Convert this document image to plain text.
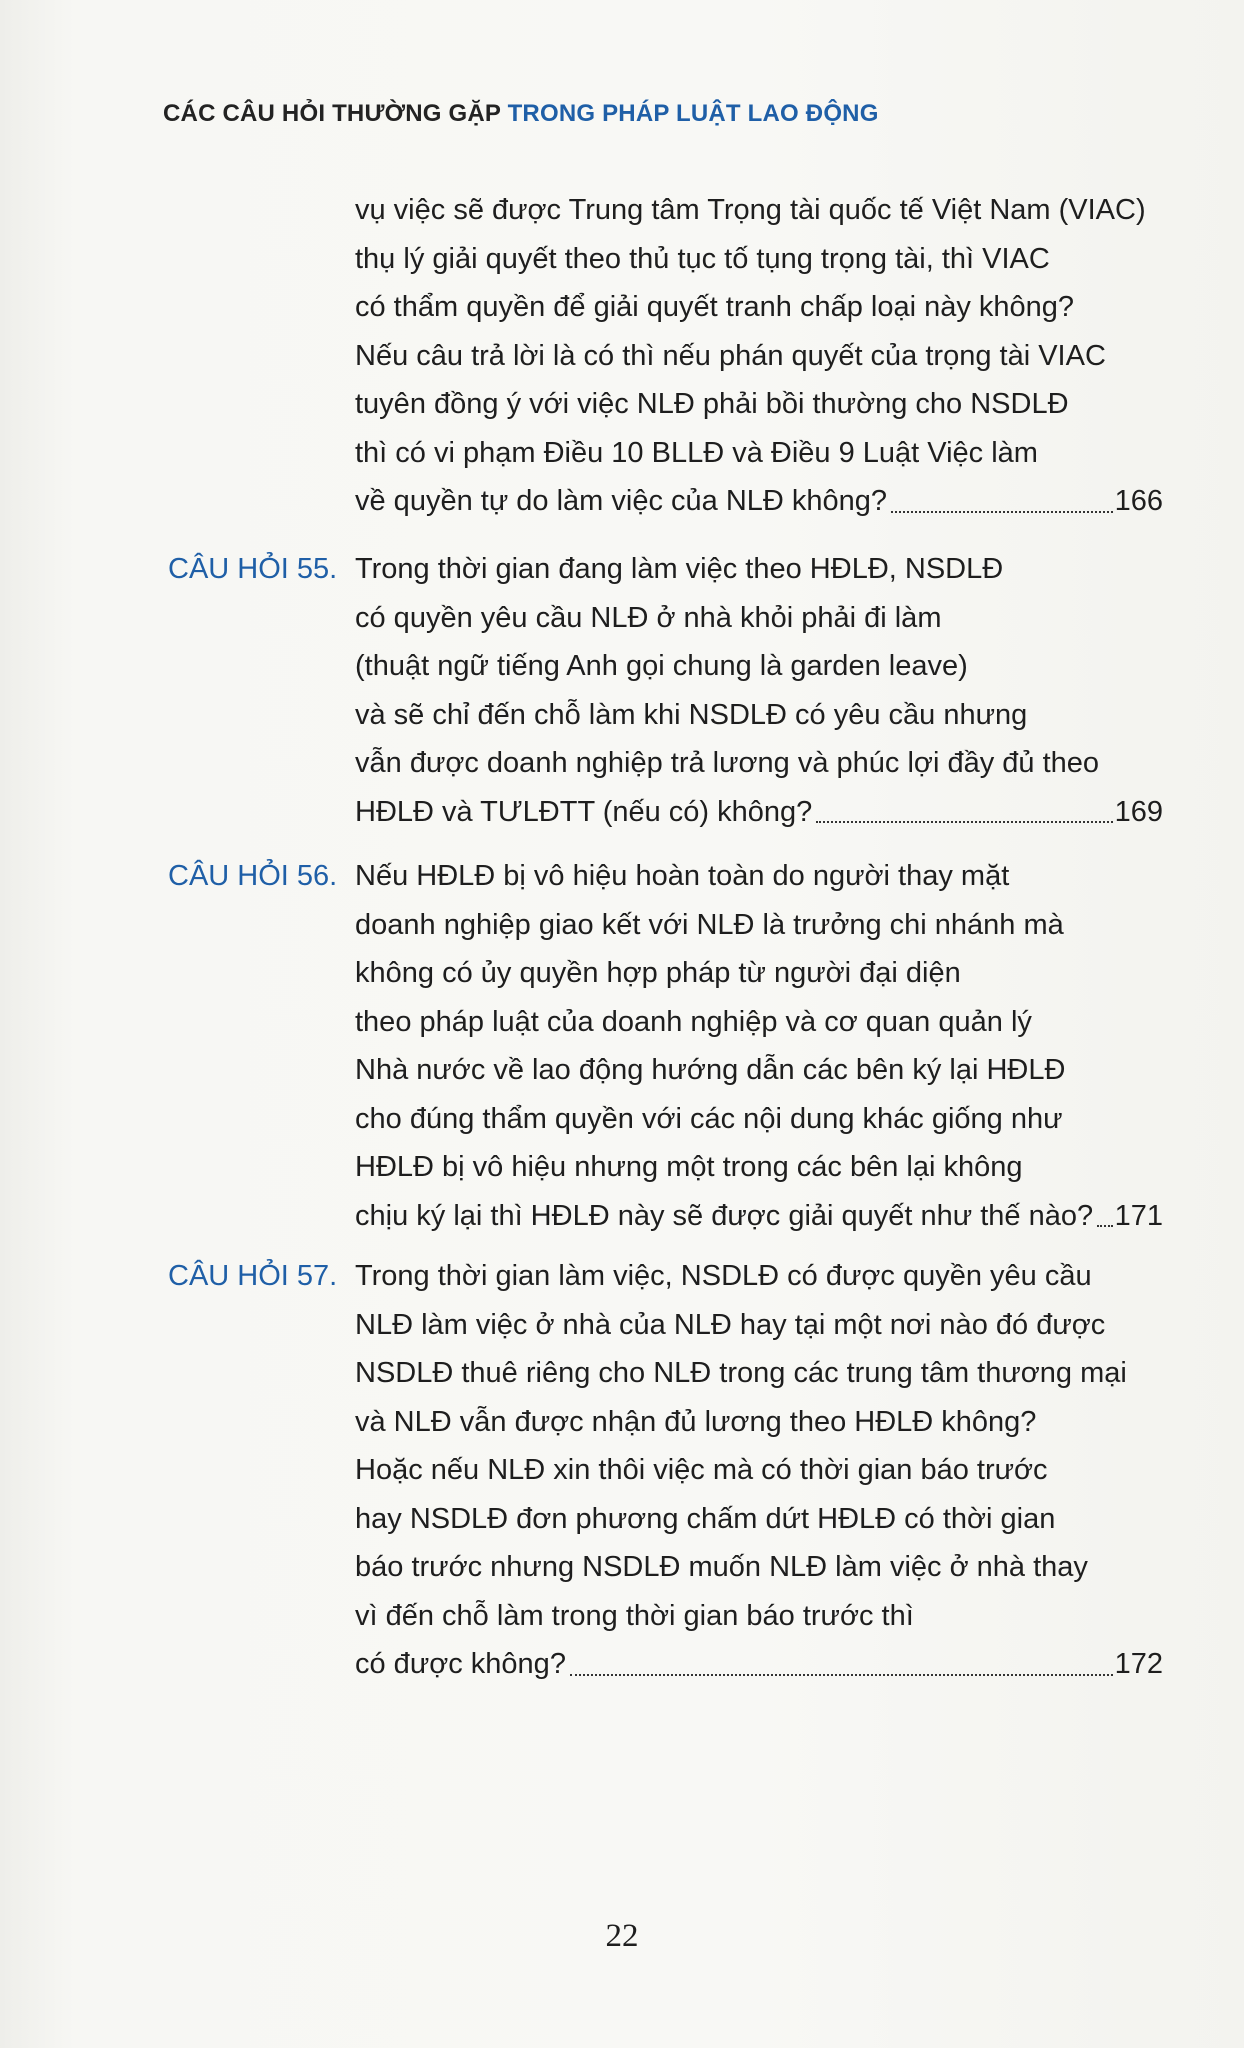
CÁC CÂU HỎI THƯỜNG GẶP TRONG PHÁP LUẬT LAO ĐỘNG
vụ việc sẽ được Trung tâm Trọng tài quốc tế Việt Nam (VIAC)
thụ lý giải quyết theo thủ tục tố tụng trọng tài, thì VIAC
có thẩm quyền để giải quyết tranh chấp loại này không?
Nếu câu trả lời là có thì nếu phán quyết của trọng tài VIAC
tuyên đồng ý với việc NLĐ phải bồi thường cho NSDLĐ
thì có vi phạm Điều 10 BLLĐ và Điều 9 Luật Việc làm
về quyền tự do làm việc của NLĐ không?	166
CÂU HỎI 55. Trong thời gian đang làm việc theo HĐLĐ, NSDLĐ
có quyền yêu cầu NLĐ ở nhà khỏi phải đi làm
(thuật ngữ tiếng Anh gọi chung là garden leave)
và sẽ chỉ đến chỗ làm khi NSDLĐ có yêu cầu nhưng
vẫn được doanh nghiệp trả lương và phúc lợi đầy đủ theo
HĐLĐ và TƯLĐTT (nếu có) không?	169
CÂU HỎI 56. Nếu HĐLĐ bị vô hiệu hoàn toàn do người thay mặt
doanh nghiệp giao kết với NLĐ là trưởng chi nhánh mà
không có ủy quyền hợp pháp từ người đại diện
theo pháp luật của doanh nghiệp và cơ quan quản lý
Nhà nước về lao động hướng dẫn các bên ký lại HĐLĐ
cho đúng thẩm quyền với các nội dung khác giống như
HĐLĐ bị vô hiệu nhưng một trong các bên lại không
chịu ký lại thì HĐLĐ này sẽ được giải quyết như thế nào? 171
CÂU HỎI 57. Trong thời gian làm việc, NSDLĐ có được quyền yêu cầu
NLĐ làm việc ở nhà của NLĐ hay tại một nơi nào đó được
NSDLĐ thuê riêng cho NLĐ trong các trung tâm thương mại
và NLĐ vẫn được nhận đủ lương theo HĐLĐ không?
Hoặc nếu NLĐ xin thôi việc mà có thời gian báo trước
hay NSDLĐ đơn phương chấm dứt HĐLĐ có thời gian
báo trước nhưng NSDLĐ muốn NLĐ làm việc ở nhà thay
vì đến chỗ làm trong thời gian báo trước thì
có được không?	172
22
